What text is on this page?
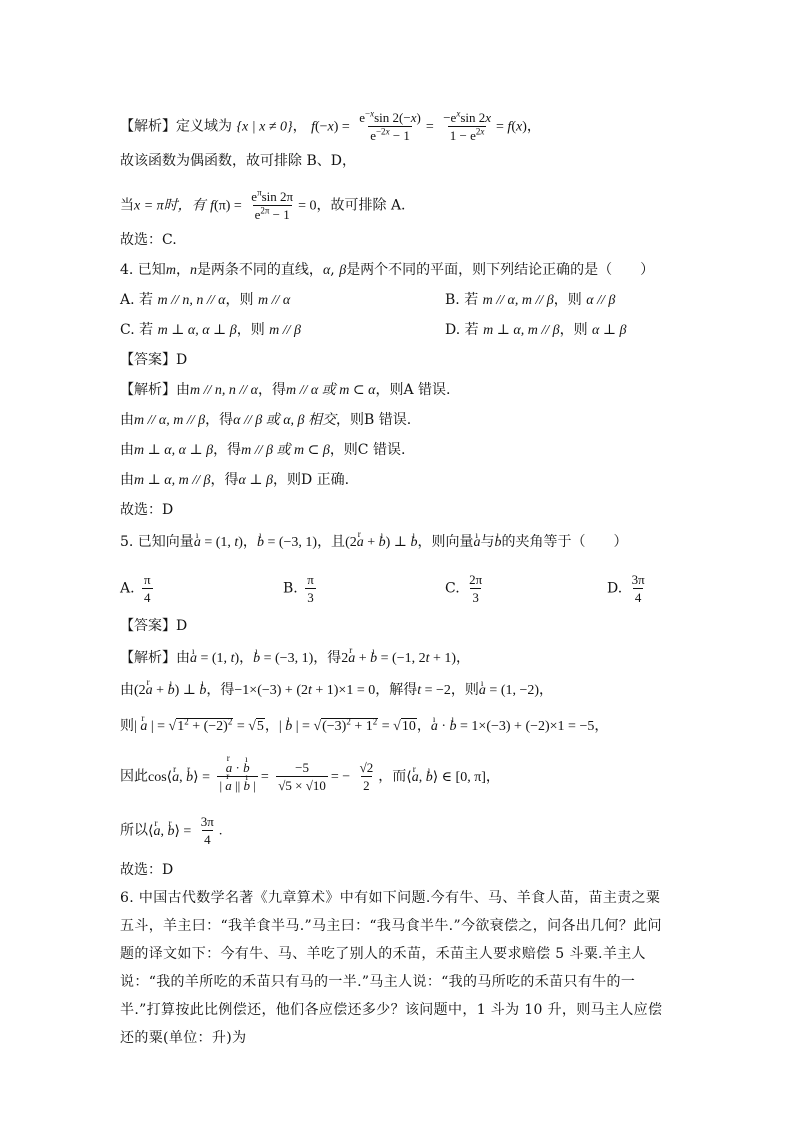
【解析】定义域为 {x | x ≠ 0}， $f(-x) = \frac{e^{-x}\sin 2(-x)}{e^{-2x} - 1} = \frac{-e^x\sin 2x}{1 - e^{2x}} = f(x)$，
故该函数为偶函数，故可排除 B、D，
当x = π时，有 $f(\pi) = \frac{e^\pi\sin 2\pi}{e^{2\pi} - 1} = 0$，故可排除 A.
故选：C.
4. 已知m，n是两条不同的直线，α, β是两个不同的平面，则下列结论正确的是（　　）
A. 若 m // n, n // α，则 m // α	B. 若 m // α, m // β，则 α // β
C. 若 m ⊥ α, α ⊥ β，则 m // β	D. 若 m ⊥ α, m // β，则 α ⊥ β
【答案】D
【解析】由m // n, n // α，得m // α 或 m ⊂ α，则A 错误.
由m // α, m // β，得α // β 或 α, β 相交，则B 错误.
由m ⊥ α, α ⊥ β，得m // β 或 m ⊂ β，则C 错误.
由m ⊥ α, m // β，得α ⊥ β，则D 正确.
故选：D
5. 已知向量ı a = (1, t)，ı b = (−3, 1)，且(2r a + ı b) ⊥ ı b，则向量ı a与ı b的夹角等于（　　）
A. $\frac{\pi}{4}$	B. $\frac{\pi}{3}$	C. $\frac{2\pi}{3}$	D. $\frac{3\pi}{4}$
【答案】D
【解析】由ı a = (1, t)，ı b = (−3, 1)，得2r a + ı b = (−1, 2t + 1)，
由(2r a + ı b) ⊥ ı b，得−1×(−3) + (2t + 1)×1 = 0，解得t = −2，则ı a = (1, −2)，
则| r a | = $√1^2 + (-2)^2 = √5$，| ı b | = $√(-3)^2 + 1^2 = √10$，ı a · ı b = 1×(−3) + (−2)×1 = −5，
因此cos⟨r a, r b⟩ =
r $\frac{\text{a · ı b}}{\text{| r a || ı b |}} = \frac{-5}{√5 \times √10}$ = − $\frac{√2}{2}$ ，而⟨r a, ı b⟩ ∈ [0, π]，
所以⟨r a, r b⟩ = $\frac{3\pi}{4}$ .
故选：D
6. 中国古代数学名著《九章算术》中有如下问题.今有牛、马、羊食人苗，苗主责之粟五斗，羊主曰：“我羊食半马.”马主曰：“我马食半牛.”今欲衰偿之，问各出几何？此问题的译文如下：今有牛、马、羊吃了别人的禾苗，禾苗主人要求赔偿 5 斗粟.羊主人说：“我的羊所吃的禾苗只有马的一半.”马主人说：“我的马所吃的禾苗只有牛的一半.”打算按此比例偿还，他们各应偿还多少？该问题中，1 斗为 10 升，则马主人应偿还的粟(单位：升)为
